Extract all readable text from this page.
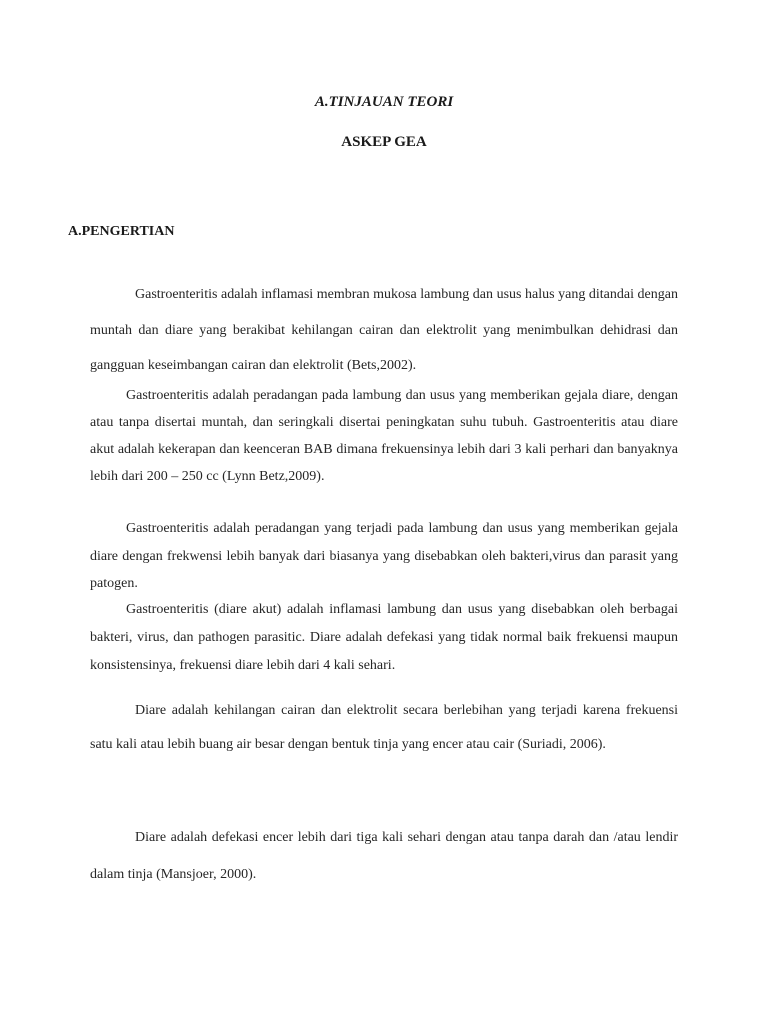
A.TINJAUAN TEORI
ASKEP GEA
A.PENGERTIAN

Gastroenteritis adalah inflamasi membran mukosa lambung dan usus halus yang ditandai dengan muntah dan diare yang berakibat kehilangan cairan dan elektrolit yang menimbulkan dehidrasi dan gangguan keseimbangan cairan dan elektrolit (Bets,2002).

Gastroenteritis adalah peradangan pada lambung dan usus yang memberikan gejala diare, dengan atau tanpa disertai muntah, dan seringkali disertai peningkatan suhu tubuh. Gastroenteritis atau diare akut adalah kekerapan dan keenceran BAB dimana frekuensinya lebih dari 3 kali perhari dan banyaknya lebih dari 200 – 250 cc (Lynn Betz,2009).

Gastroenteritis adalah peradangan yang terjadi pada lambung dan usus yang memberikan gejala diare dengan frekwensi lebih banyak dari biasanya yang disebabkan oleh bakteri,virus dan parasit yang patogen.

Gastroenteritis (diare akut) adalah inflamasi lambung dan usus yang disebabkan oleh berbagai bakteri, virus, dan pathogen parasitic. Diare adalah defekasi yang tidak normal baik frekuensi maupun konsistensinya, frekuensi diare lebih dari 4 kali sehari.

Diare adalah kehilangan cairan dan elektrolit secara berlebihan yang terjadi karena frekuensi satu kali atau lebih buang air besar dengan bentuk tinja yang encer atau cair (Suriadi, 2006).

Diare adalah defekasi encer lebih dari tiga kali sehari dengan atau tanpa darah dan /atau lendir dalam tinja (Mansjoer, 2000).
